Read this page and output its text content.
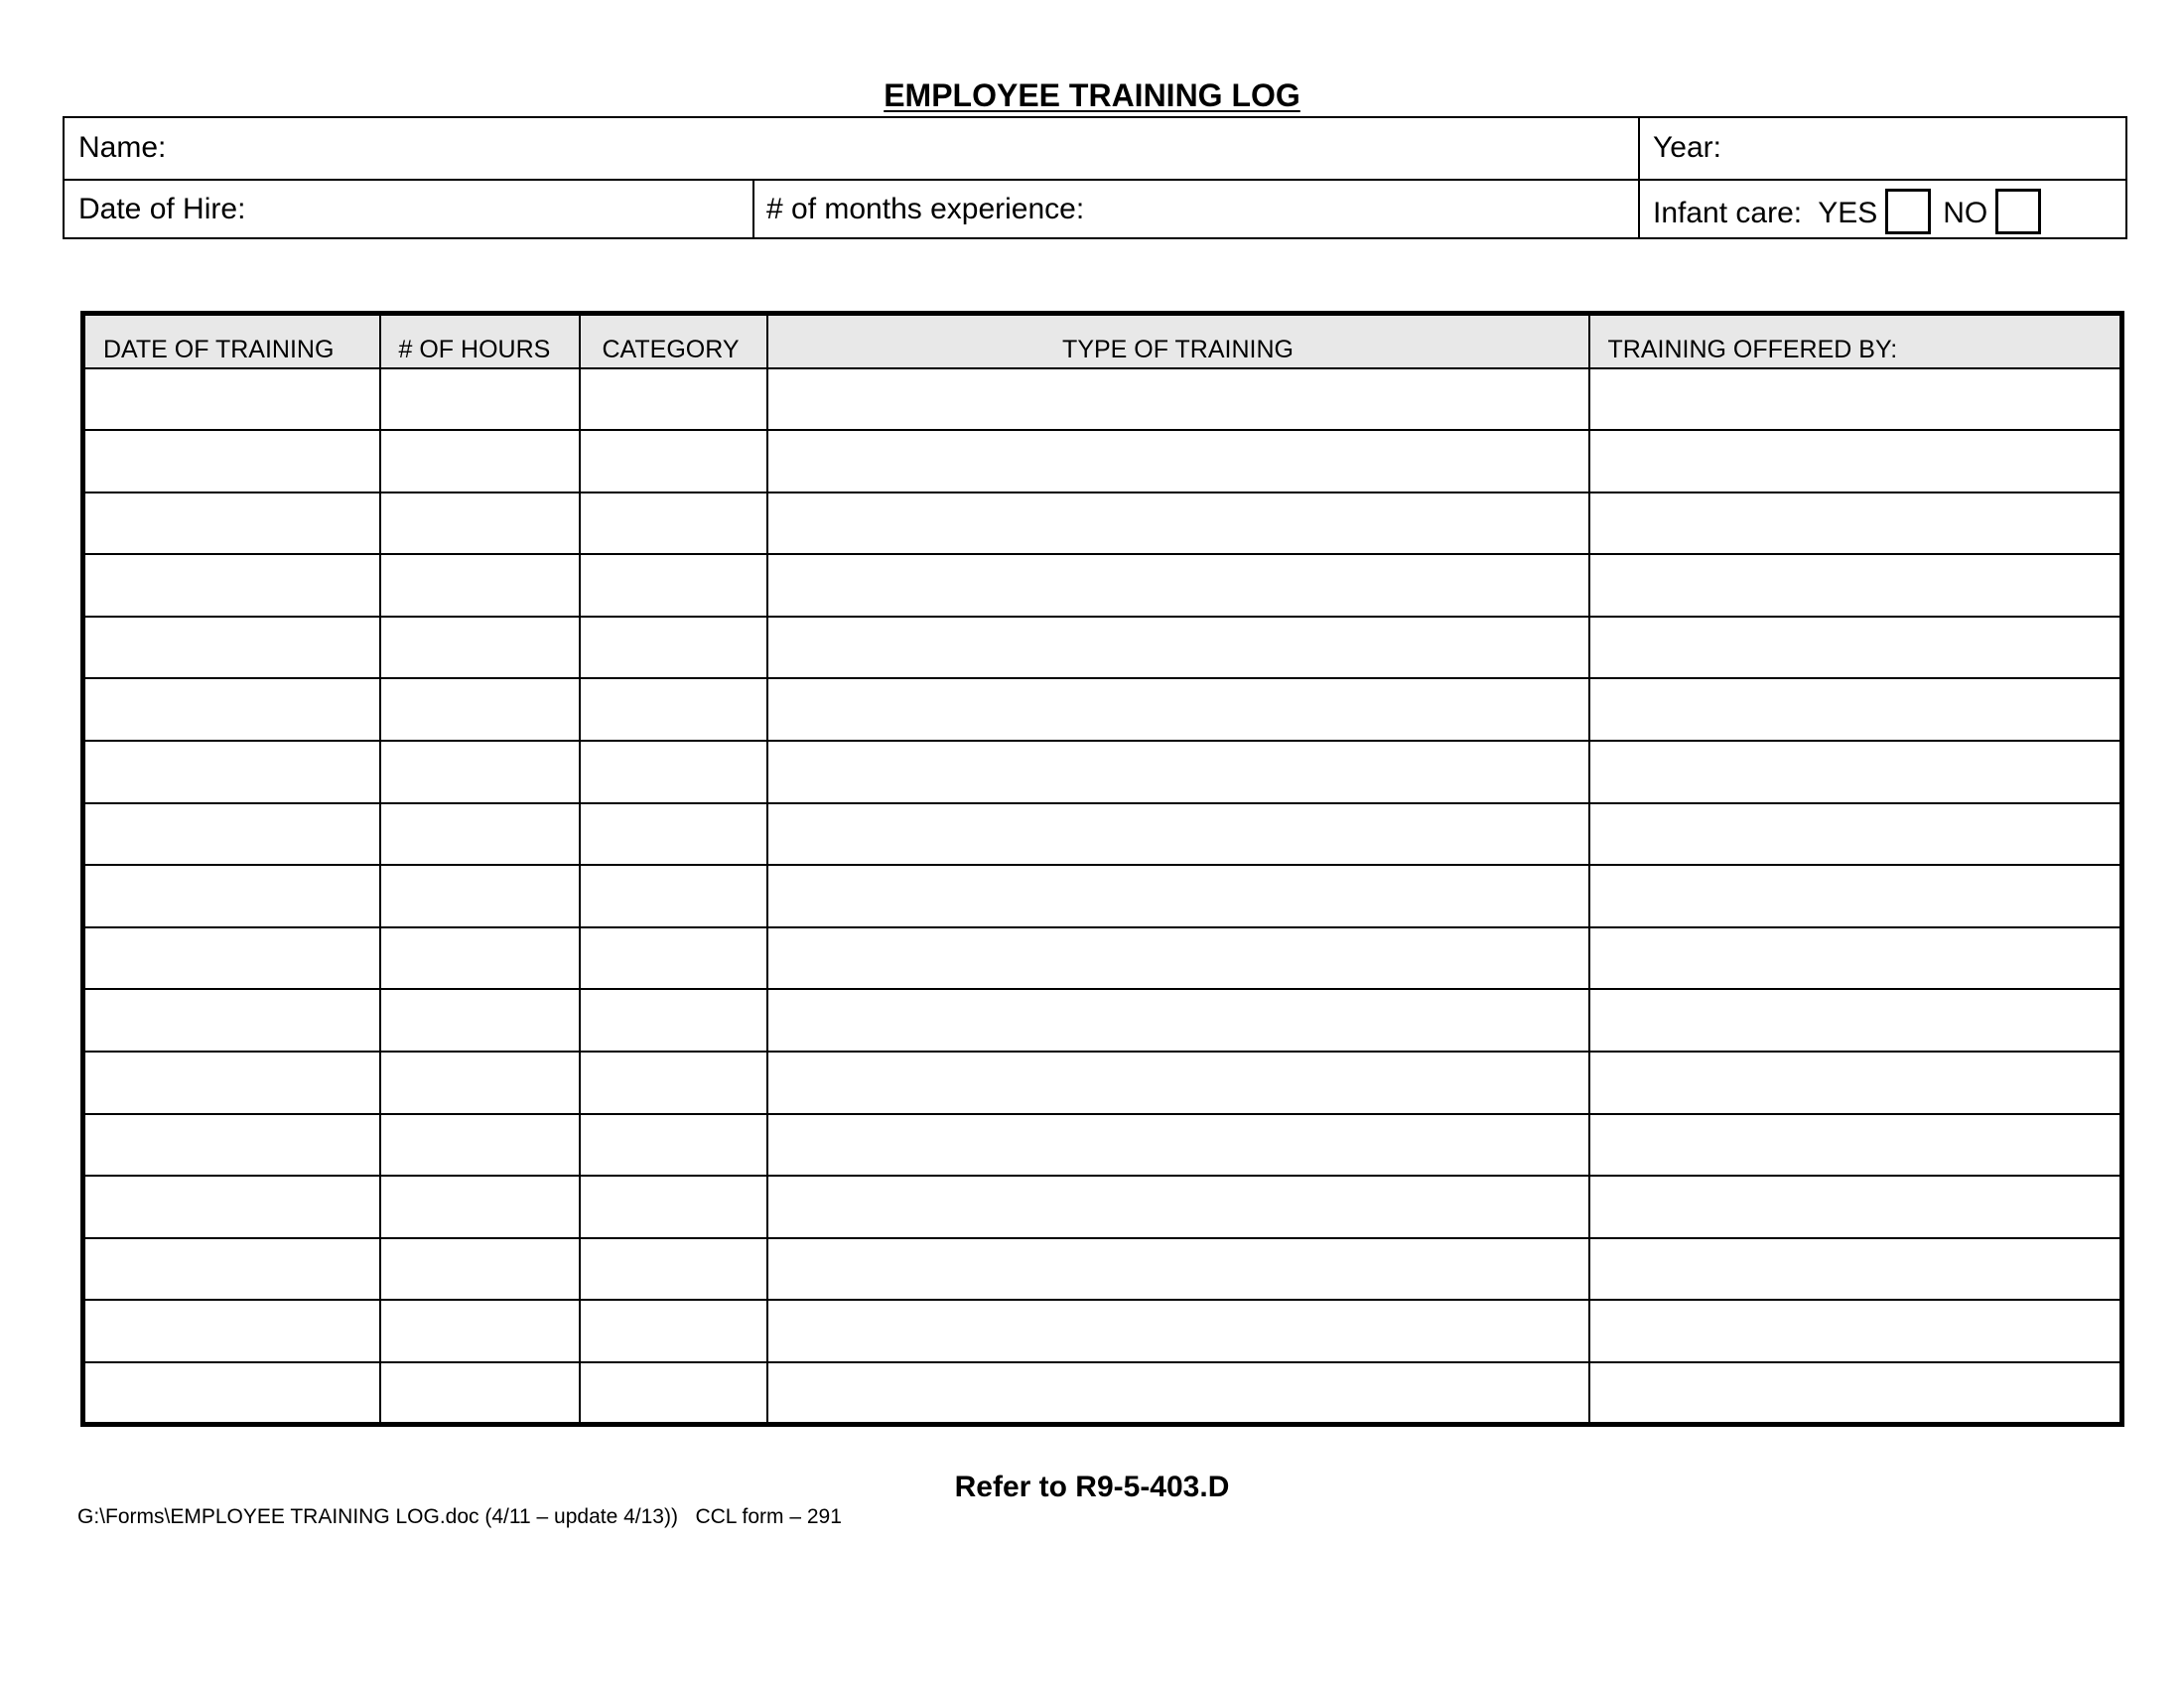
EMPLOYEE TRAINING LOG
Name:	Year:
Date of Hire:	# of months experience:	Infant care: YES NO
DATE OF TRAINING	# OF HOURS	CATEGORY	TYPE OF TRAINING	TRAINING OFFERED BY:

Refer to R9-5-403.D
G:\Forms\EMPLOYEE TRAINING LOG.doc (4/11 – update 4/13))   CCL form – 291
